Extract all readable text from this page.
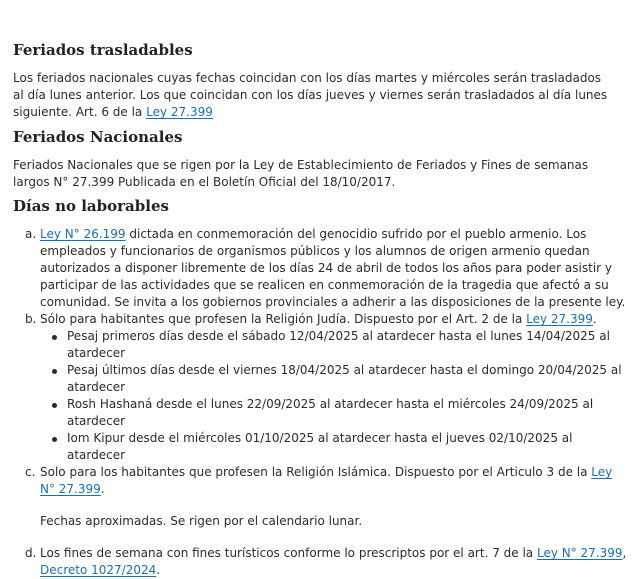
Feriados trasladables

Los feriados nacionales cuyas fechas coincidan con los días martes y miércoles serán trasladados al día lunes anterior. Los que coincidan con los días jueves y viernes serán trasladados al día lunes siguiente. Art. 6 de la Ley 27.399

Feriados Nacionales

Feriados Nacionales que se rigen por la Ley de Establecimiento de Feriados y Fines de semanas largos N° 27.399 Publicada en el Boletín Oficial del 18/10/2017.

Días no laborables
a. Ley N° 26.199 dictada en conmemoración del genocidio sufrido por el pueblo armenio. Los empleados y funcionarios de organismos públicos y los alumnos de origen armenio quedan autorizados a disponer libremente de los días 24 de abril de todos los años para poder asistir y participar de las actividades que se realicen en conmemoración de la tragedia que afectó a su comunidad. Se invita a los gobiernos provinciales a adherir a las disposiciones de la presente ley.
b. Sólo para habitantes que profesen la Religión Judía. Dispuesto por el Art. 2 de la Ley 27.399.
Pesaj primeros días desde el sábado 12/04/2025 al atardecer hasta el lunes 14/04/2025 al atardecer
Pesaj últimos días desde el viernes 18/04/2025 al atardecer hasta el domingo 20/04/2025 al atardecer
Rosh Hashaná desde el lunes 22/09/2025 al atardecer hasta el miércoles 24/09/2025 al atardecer
Iom Kipur desde el miércoles 01/10/2025 al atardecer hasta el jueves 02/10/2025 al atardecer
c. Solo para los habitantes que profesen la Religión Islámica. Dispuesto por el Articulo 3 de la Ley N° 27.399.

Fechas aproximadas. Se rigen por el calendario lunar.

d. Los fines de semana con fines turísticos conforme lo prescriptos por el art. 7 de la Ley N° 27.399, Decreto 1027/2024.
